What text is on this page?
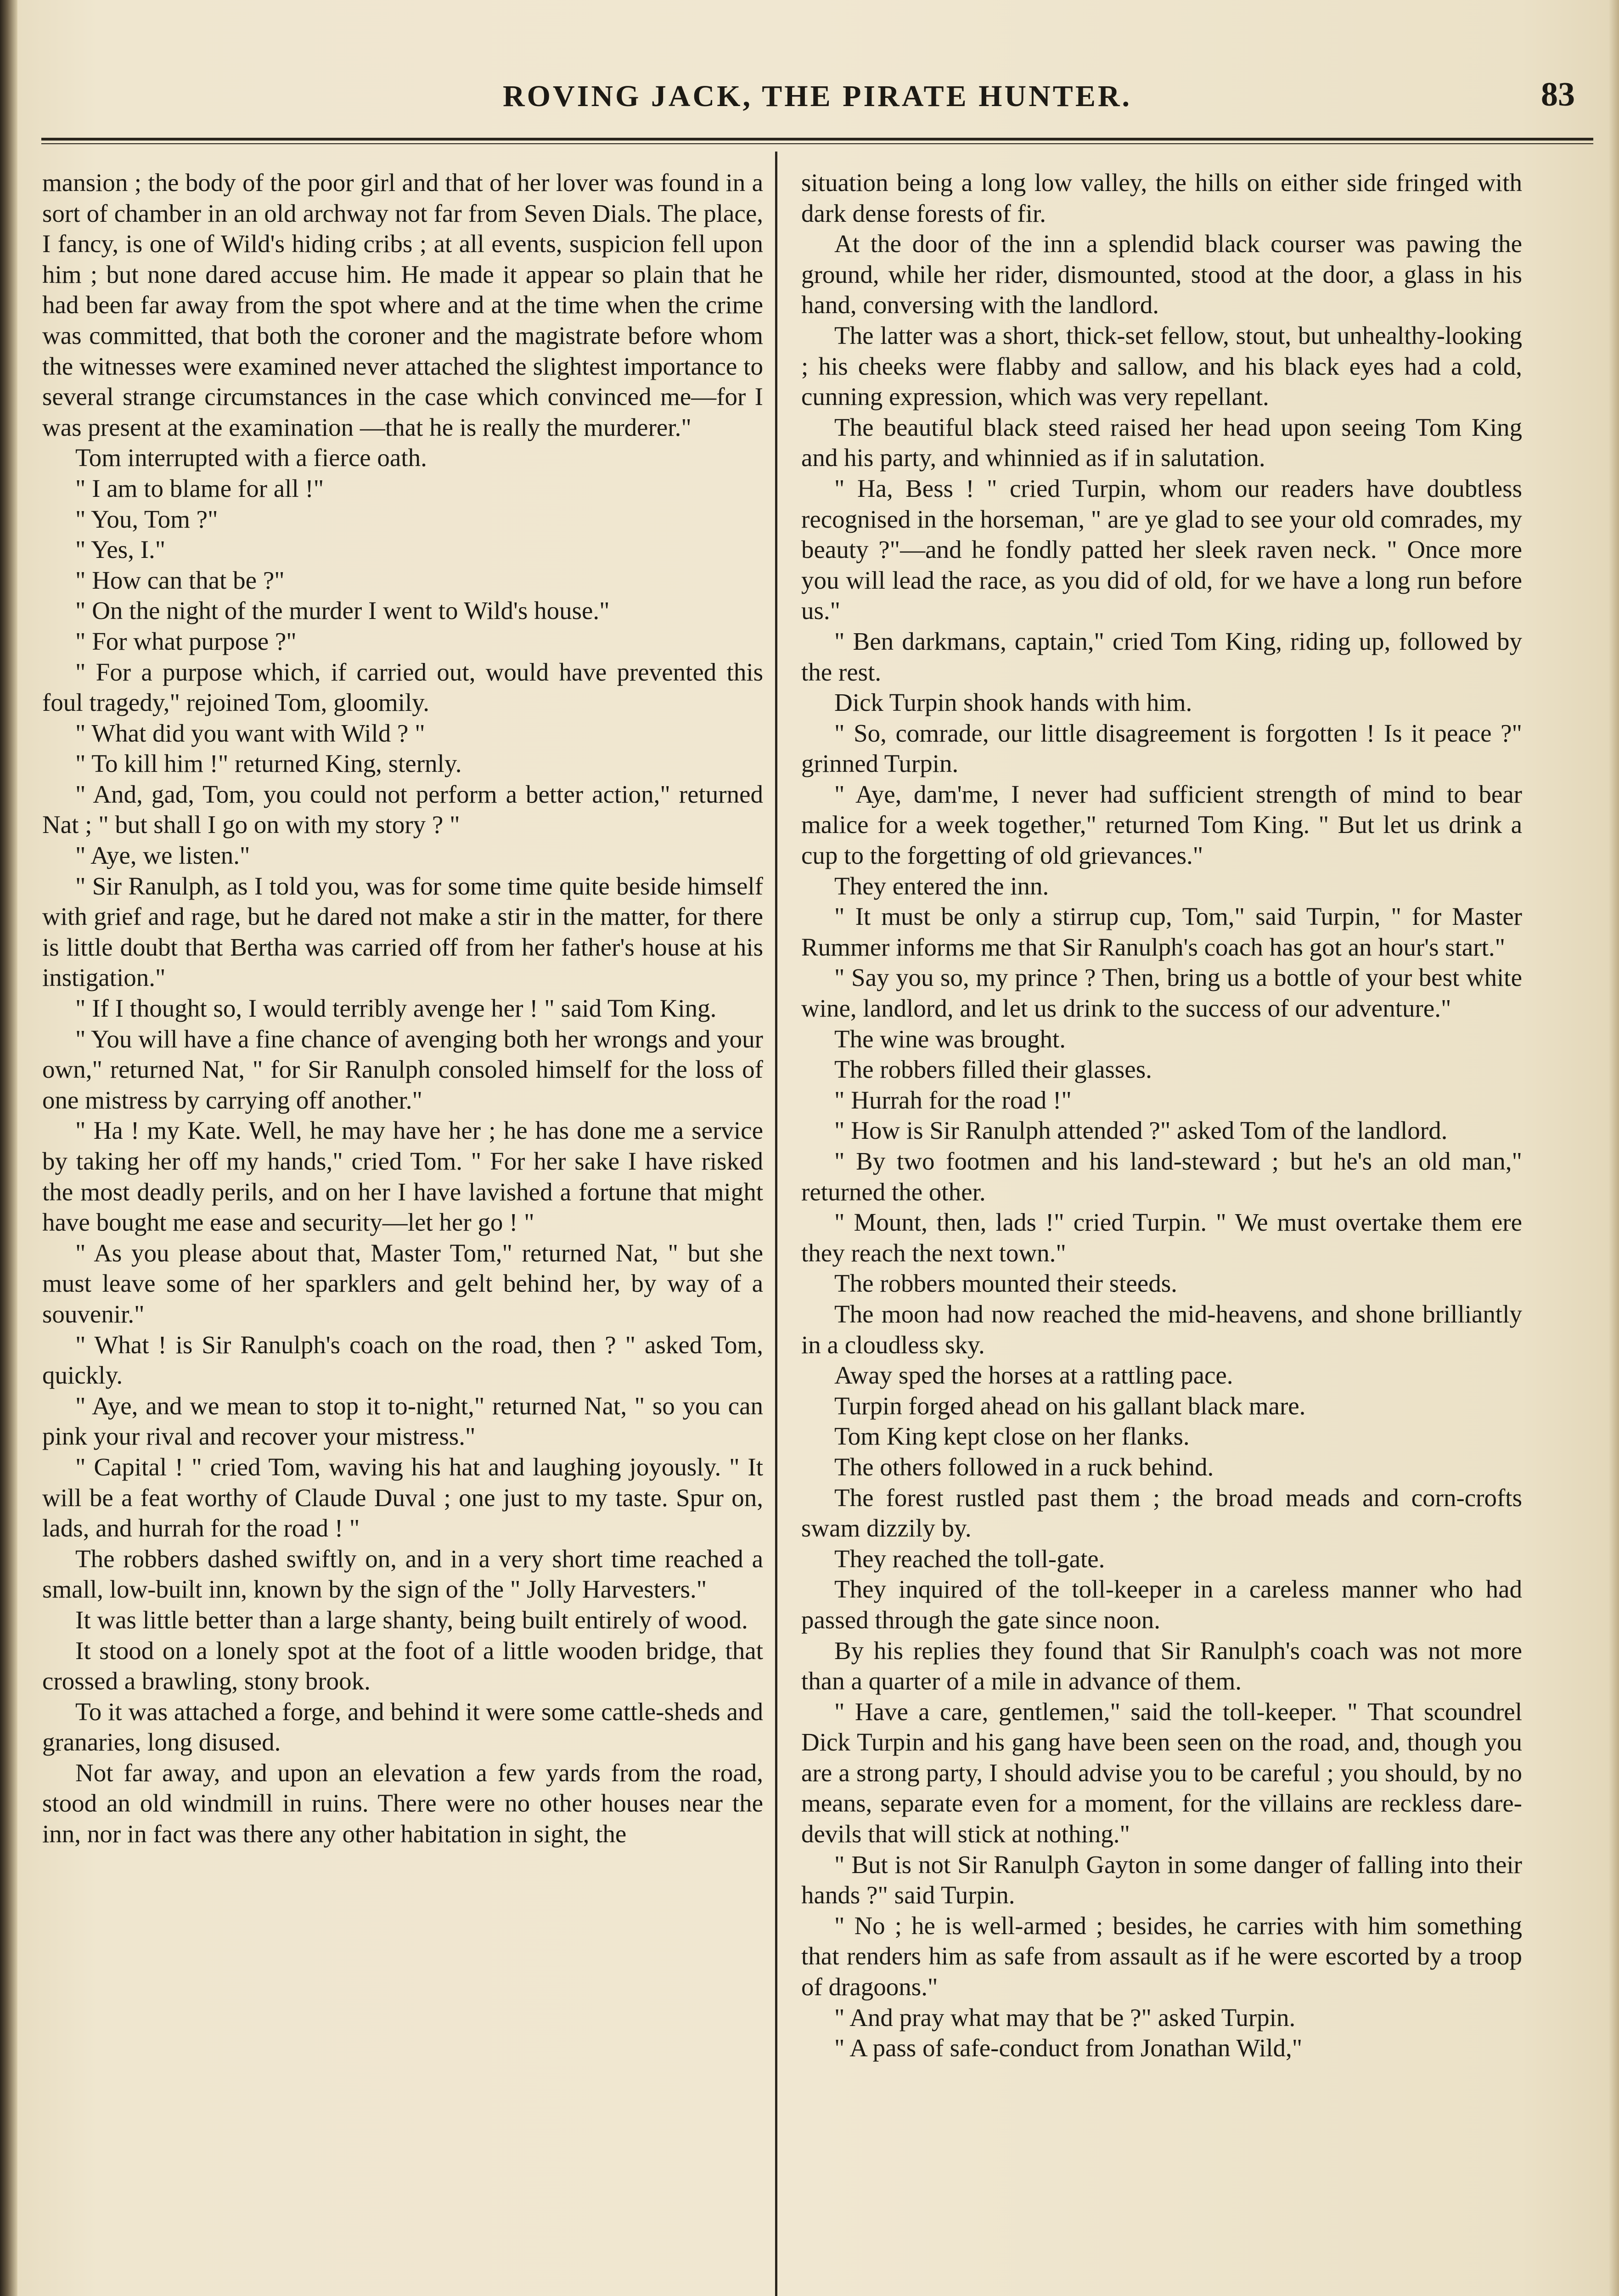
ROVING JACK, THE PIRATE HUNTER.	83

mansion ; the body of the poor girl and that of her lover was found in a sort of chamber in an old archway not far from Seven Dials. The place, I fancy, is one of Wild's hiding cribs ; at all events, suspicion fell upon him ; but none dared accuse him. He made it appear so plain that he had been far away from the spot where and at the time when the crime was committed, that both the coroner and the magistrate before whom the witnesses were examined never attached the slightest importance to several strange circumstances in the case which convinced me—for I was present at the examination —that he is really the murderer."

Tom interrupted with a fierce oath.

" I am to blame for all !"

" You, Tom ?"

" Yes, I."

" How can that be ?"

" On the night of the murder I went to Wild's house."

" For what purpose ?"

" For a purpose which, if carried out, would have prevented this foul tragedy," rejoined Tom, gloomily.

" What did you want with Wild ? "

" To kill him !" returned King, sternly.

" And, gad, Tom, you could not perform a better action," returned Nat ; " but shall I go on with my story ? "

" Aye, we listen."

" Sir Ranulph, as I told you, was for some time quite beside himself with grief and rage, but he dared not make a stir in the matter, for there is little doubt that Bertha was carried off from her father's house at his instigation."

" If I thought so, I would terribly avenge her ! " said Tom King.

" You will have a fine chance of avenging both her wrongs and your own," returned Nat, " for Sir Ranulph consoled himself for the loss of one mistress by carrying off another."

" Ha ! my Kate. Well, he may have her ; he has done me a service by taking her off my hands," cried Tom. " For her sake I have risked the most deadly perils, and on her I have lavished a fortune that might have bought me ease and security—let her go ! "

" As you please about that, Master Tom," returned Nat, " but she must leave some of her sparklers and gelt behind her, by way of a souvenir."

" What ! is Sir Ranulph's coach on the road, then ? " asked Tom, quickly.

" Aye, and we mean to stop it to-night," returned Nat, " so you can pink your rival and recover your mistress."

" Capital ! " cried Tom, waving his hat and laughing joyously. " It will be a feat worthy of Claude Duval ; one just to my taste. Spur on, lads, and hurrah for the road ! "

The robbers dashed swiftly on, and in a very short time reached a small, low-built inn, known by the sign of the " Jolly Harvesters."

It was little better than a large shanty, being built entirely of wood.

It stood on a lonely spot at the foot of a little wooden bridge, that crossed a brawling, stony brook.

To it was attached a forge, and behind it were some cattle-sheds and granaries, long disused.

Not far away, and upon an elevation a few yards from the road, stood an old windmill in ruins. There were no other houses near the inn, nor in fact was there any other habitation in sight, the

situation being a long low valley, the hills on either side fringed with dark dense forests of fir.

At the door of the inn a splendid black courser was pawing the ground, while her rider, dismounted, stood at the door, a glass in his hand, conversing with the landlord.

The latter was a short, thick-set fellow, stout, but unhealthy-looking ; his cheeks were flabby and sallow, and his black eyes had a cold, cunning expression, which was very repellant.

The beautiful black steed raised her head upon seeing Tom King and his party, and whinnied as if in salutation.

" Ha, Bess ! " cried Turpin, whom our readers have doubtless recognised in the horseman, " are ye glad to see your old comrades, my beauty ?"—and he fondly patted her sleek raven neck. " Once more you will lead the race, as you did of old, for we have a long run before us."

" Ben darkmans, captain," cried Tom King, riding up, followed by the rest.

Dick Turpin shook hands with him.

" So, comrade, our little disagreement is forgotten ! Is it peace ?" grinned Turpin.

" Aye, dam'me, I never had sufficient strength of mind to bear malice for a week together," returned Tom King. " But let us drink a cup to the forgetting of old grievances."

They entered the inn.

" It must be only a stirrup cup, Tom," said Turpin, " for Master Rummer informs me that Sir Ranulph's coach has got an hour's start."

" Say you so, my prince ? Then, bring us a bottle of your best white wine, landlord, and let us drink to the success of our adventure."

The wine was brought.

The robbers filled their glasses.

" Hurrah for the road !"

" How is Sir Ranulph attended ?" asked Tom of the landlord.

" By two footmen and his land-steward ; but he's an old man," returned the other.

" Mount, then, lads !" cried Turpin. " We must overtake them ere they reach the next town."

The robbers mounted their steeds.

The moon had now reached the mid-heavens, and shone brilliantly in a cloudless sky.

Away sped the horses at a rattling pace.

Turpin forged ahead on his gallant black mare.

Tom King kept close on her flanks.

The others followed in a ruck behind.

The forest rustled past them ; the broad meads and corn-crofts swam dizzily by.

They reached the toll-gate.

They inquired of the toll-keeper in a careless manner who had passed through the gate since noon.

By his replies they found that Sir Ranulph's coach was not more than a quarter of a mile in advance of them.

" Have a care, gentlemen," said the toll-keeper. " That scoundrel Dick Turpin and his gang have been seen on the road, and, though you are a strong party, I should advise you to be careful ; you should, by no means, separate even for a moment, for the villains are reckless dare-devils that will stick at nothing."

" But is not Sir Ranulph Gayton in some danger of falling into their hands ?" said Turpin.

" No ; he is well-armed ; besides, he carries with him something that renders him as safe from assault as if he were escorted by a troop of dragoons."

" And pray what may that be ?" asked Turpin.

" A pass of safe-conduct from Jonathan Wild,"
